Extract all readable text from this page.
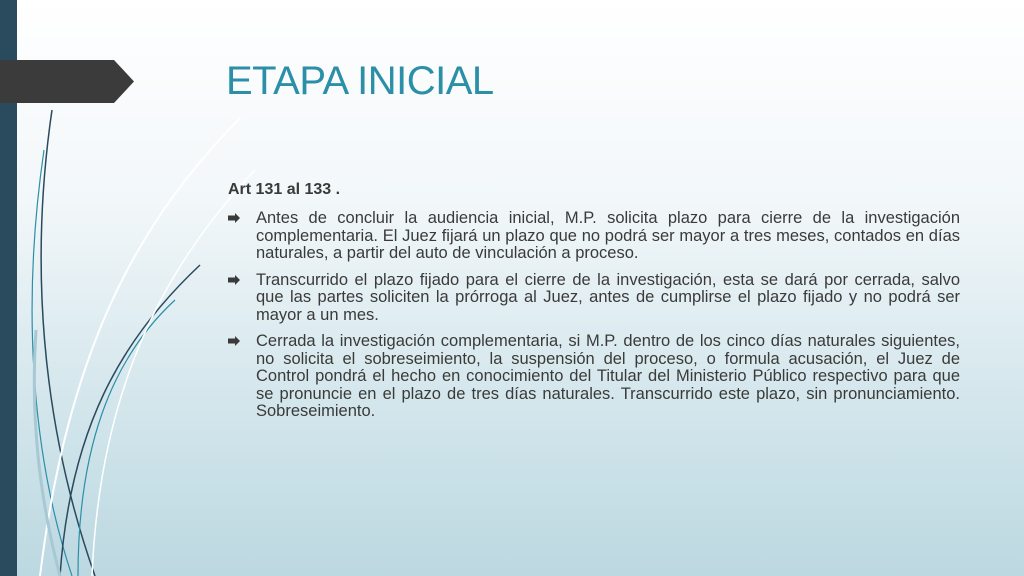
ETAPA INICIAL
Art 131 al 133 .
Antes de concluir la audiencia inicial, M.P. solicita plazo para cierre de la investigación complementaria. El Juez fijará un plazo que no podrá ser mayor a tres meses, contados en días naturales, a partir del auto de vinculación a proceso.
Transcurrido el plazo fijado para el cierre de la investigación, esta se dará por cerrada, salvo que las partes soliciten la prórroga al Juez, antes de cumplirse el plazo fijado y no podrá ser mayor a un mes.
Cerrada la investigación complementaria, si M.P. dentro de los cinco días naturales siguientes, no solicita el sobreseimiento, la suspensión del proceso, o formula acusación, el Juez de Control pondrá el hecho en conocimiento del Titular del Ministerio Público respectivo para que se pronuncie en el plazo de tres días naturales. Transcurrido este plazo, sin pronunciamiento. Sobreseimiento.
